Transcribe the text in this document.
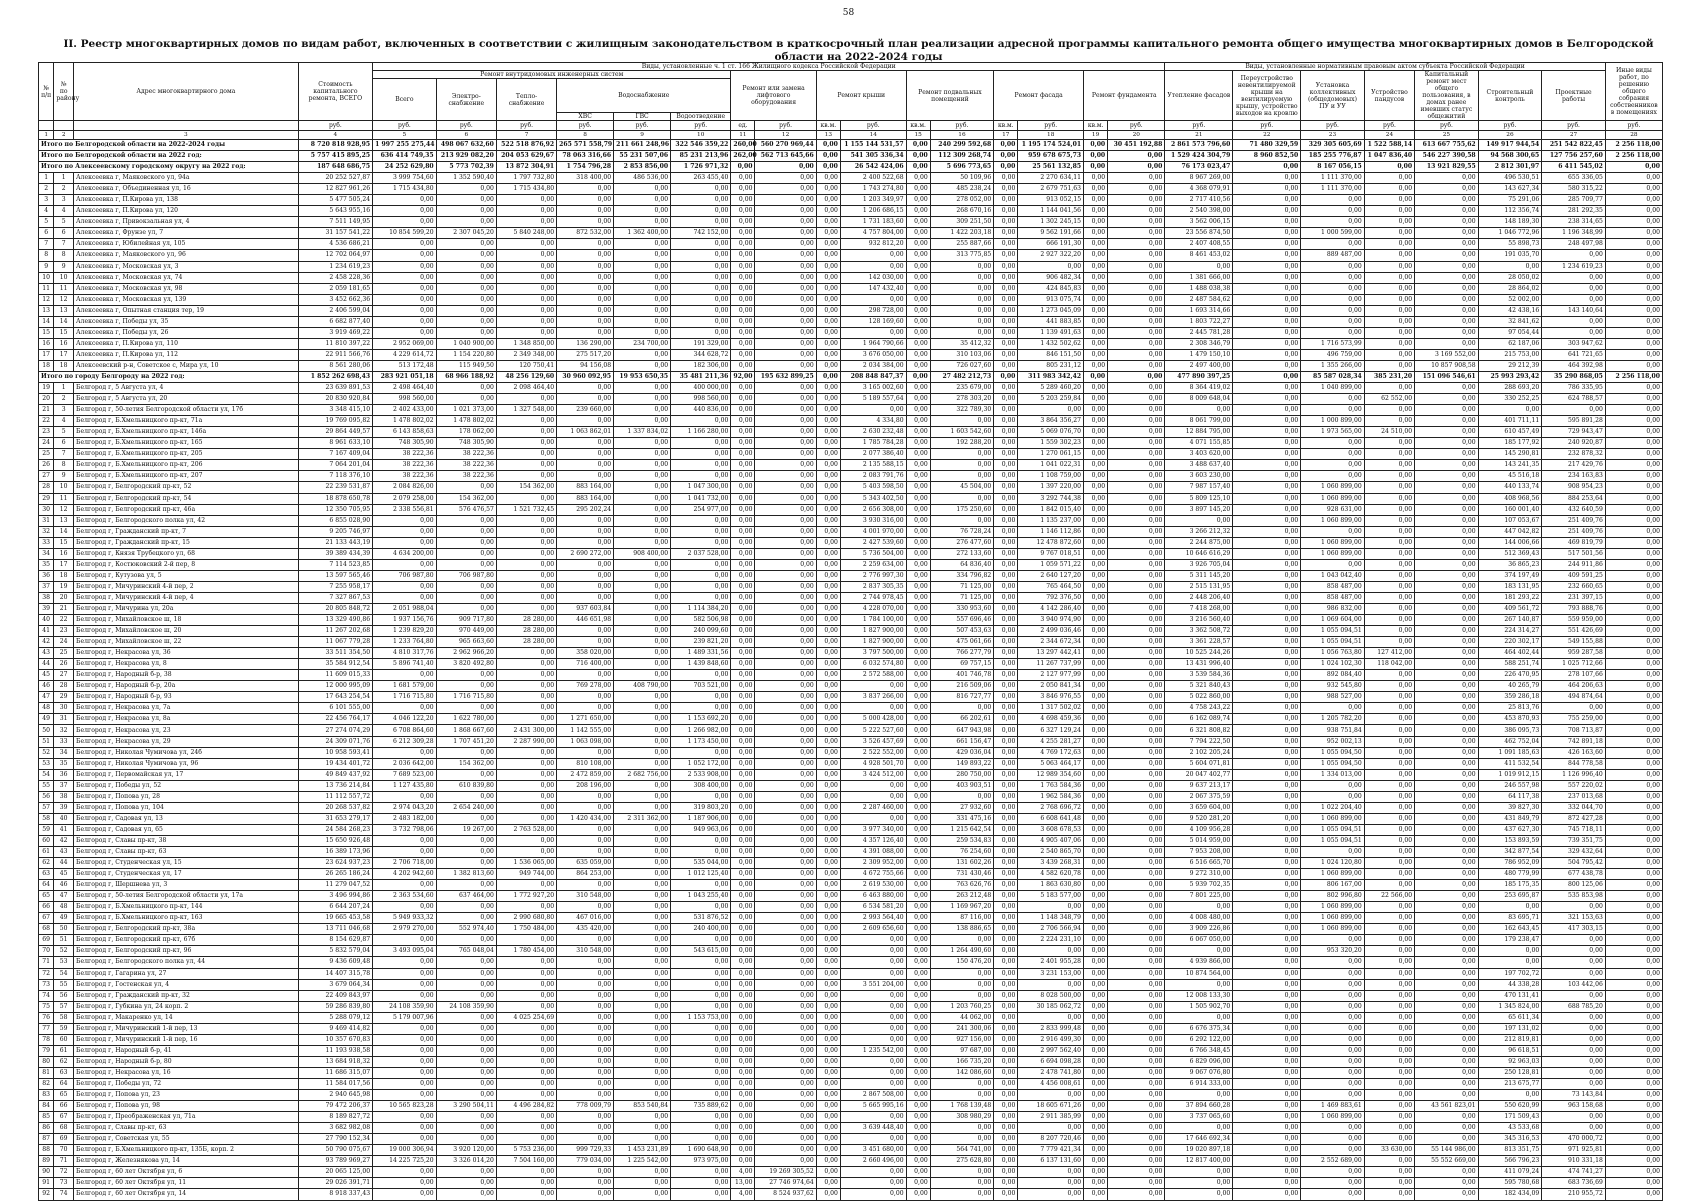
58
II. Реестр многоквартирных домов по видам работ, включенных в соответствии с жилищным законодательством в краткосрочный план реализации адресной программы капитального ремонта общего имущества многоквартирных домов в Белгородской области на 2022-2024 годы
№ п/п	№ по району	Адрес многоквартирного дома	Стоимость капитального ремонта, ВСЕГО	Виды, установленные ч. 1 ст. 166 Жилищного кодекса Российской Федерации																Виды, установленные нормативным правовым актом субъекта Российской Федерации							Иные виды работ, по решению общего собрания собственников в помещениях
				Ремонт внутридомовых инженерных систем						Ремонт или замена лифтового оборудования		Ремонт крыши		Ремонт подвальных помещений		Ремонт фасада		Ремонт фундамента		Утепление фасадов	Переустройство невентилируемой крыши на вентилируемую крышу, устройство выходов на кровлю	Установка коллективных (общедомовых) ПУ и УУ	Устройство пандусов	Капитальный ремонт мест общего пользования, в домах ранее имевших статус общежитий	Строительный контроль	Проектные работы	
				Всего	Электро-снабжение	Тепло-снабжение	Водоснабжение																				
							ХВС	ГВС	Водоотведение																		
			руб.	руб.	руб.	руб.	руб.	руб.	руб.	ед.	руб.	кв.м.	руб.	кв.м.	руб.	кв.м.	руб.	кв.м.	руб.	руб.	руб.	руб.	руб.	руб.	руб.	руб.	руб.
1	2	3	4	5	6	7	8	9	10	11	12	13	14	15	16	17	18	19	20	21	22	23	24	25	26	27	28
Итого по Белгородской области на 2022-2024 годы			8 720 818 928,95	1 997 255 275,44	498 067 632,60	522 518 876,92	265 571 558,79	211 661 248,96	322 546 359,22	260,00	560 270 969,44	0,00	1 155 144 531,57	0,00	240 299 592,68	0,00	1 195 174 524,01	0,00	30 451 192,88	2 861 573 796,60	71 480 329,59	329 305 605,69	1 522 588,14	613 667 755,62	149 917 944,54	251 542 822,45	2 256 118,00
Итого по Белгородской области на 2022 год:			5 757 415 895,25	636 414 749,35	213 929 082,20	204 053 629,67	78 063 316,66	55 231 507,06	85 231 213,96	262,00	562 713 645,66	0,00	541 305 336,34	0,00	112 309 268,74	0,00	959 678 675,73	0,00	0,00	1 529 424 304,79	8 960 852,50	185 255 776,87	1 047 836,40	546 227 390,58	94 568 300,65	127 756 257,60	2 256 118,00
Итого по Алексеевскому городскому округу на 2022 год:			187 648 686,75	24 252 629,80	5 773 702,39	13 872 304,91	1 754 796,28	2 853 856,00	1 726 971,32	0,00	0,00	0,00	26 542 424,06	0,00	5 696 773,65	0,00	25 561 132,85	0,00	0,00	76 173 023,47	0,00	8 167 056,15	0,00	13 921 829,55	2 812 301,97	6 411 545,02	0,00
1	1	Алексеевка г, Маяковского ул, 94а	20 252 527,87	3 999 754,60	1 352 590,40	1 797 732,80	318 400,00	486 536,00	263 455,40	0,00	0,00	0,00	2 400 522,68	0,00	50 109,96	0,00	2 270 634,11	0,00	0,00	8 967 269,00	0,00	1 111 370,00	0,00	0,00	496 530,51	655 336,05	0,00
2	2	Алексеевка г, Объединенная ул, 16	12 827 961,26	1 715 434,80	0,00	1 715 434,80	0,00	0,00	0,00	0,00	0,00	0,00	1 743 274,80	0,00	485 238,24	0,00	2 679 751,63	0,00	0,00	4 368 079,91	0,00	1 111 370,00	0,00	0,00	143 627,34	580 315,22	0,00
3	3	Алексеевка г, П.Кирова ул, 138	5 477 505,24	0,00	0,00	0,00	0,00	0,00	0,00	0,00	0,00	0,00	1 203 349,97	0,00	278 052,00	0,00	913 052,15	0,00	0,00	2 717 410,56	0,00	0,00	0,00	0,00	75 291,06	285 709,77	0,00
4	4	Алексеевка г, П.Кирова ул, 120	5 643 955,16	0,00	0,00	0,00	0,00	0,00	0,00	0,00	0,00	0,00	1 206 686,15	0,00	268 670,16	0,00	1 144 041,56	0,00	0,00	2 540 398,00	0,00	0,00	0,00	0,00	112 356,74	281 292,35	0,00
5	5	Алексеевка г, Привокзальная ул, 4	7 511 149,95	0,00	0,00	0,00	0,00	0,00	0,00	0,00	0,00	0,00	1 731 183,60	0,00	309 251,50	0,00	1 302 245,15	0,00	0,00	3 562 006,15	0,00	0,00	0,00	0,00	148 189,30	238 314,65	0,00
6	6	Алексеевка г, Фрунзе ул, 7	31 157 541,22	10 854 599,20	2 307 045,20	5 840 248,00	872 532,00	1 362 400,00	742 152,00	0,00	0,00	0,00	4 757 804,00	0,00	1 422 203,18	0,00	9 562 191,66	0,00	0,00	23 556 874,50	0,00	1 000 599,00	0,00	0,00	1 046 772,96	1 196 348,99	0,00
7	7	Алексеевка г, Юбилейная ул, 105	4 536 686,21	0,00	0,00	0,00	0,00	0,00	0,00	0,00	0,00	0,00	932 812,20	0,00	255 887,66	0,00	666 191,30	0,00	0,00	2 407 408,55	0,00	0,00	0,00	0,00	55 898,73	248 497,98	0,00
8	8	Алексеевка г, Маяковского ул, 96	12 702 064,97	0,00	0,00	0,00	0,00	0,00	0,00	0,00	0,00	0,00	0,00	0,00	313 775,85	0,00	2 927 322,20	0,00	0,00	8 461 453,02	0,00	889 487,00	0,00	0,00	191 035,70	0,00	0,00
9	9	Алексеевка г, Московская ул, 3	1 234 619,23	0,00	0,00	0,00	0,00	0,00	0,00	0,00	0,00	0,00	0,00	0,00	0,00	0,00	0,00	0,00	0,00	0,00	0,00	0,00	0,00	0,00	0,00	1 234 619,23	0,00
10	10	Алексеевка г, Московская ул, 74	2 458 228,36	0,00	0,00	0,00	0,00	0,00	0,00	0,00	0,00	0,00	142 030,00	0,00	0,00	0,00	906 482,34	0,00	0,00	1 381 666,00	0,00	0,00	0,00	0,00	28 050,02	0,00	0,00
11	11	Алексеевка г, Московская ул, 98	2 059 181,65	0,00	0,00	0,00	0,00	0,00	0,00	0,00	0,00	0,00	147 432,40	0,00	0,00	0,00	424 845,83	0,00	0,00	1 488 038,38	0,00	0,00	0,00	0,00	28 864,02	0,00	0,00
12	12	Алексеевка г, Московская ул, 139	3 452 662,36	0,00	0,00	0,00	0,00	0,00	0,00	0,00	0,00	0,00	0,00	0,00	0,00	0,00	913 075,74	0,00	0,00	2 487 584,62	0,00	0,00	0,00	0,00	52 002,00	0,00	0,00
13	13	Алексеевка г, Опытная станция тер, 19	2 406 599,04	0,00	0,00	0,00	0,00	0,00	0,00	0,00	0,00	0,00	298 728,00	0,00	0,00	0,00	1 273 045,09	0,00	0,00	1 693 314,66	0,00	0,00	0,00	0,00	42 438,16	143 140,64	0,00
14	14	Алексеевка г, Победы ул, 35	6 682 877,40	0,00	0,00	0,00	0,00	0,00	0,00	0,00	0,00	0,00	128 169,60	0,00	0,00	0,00	441 883,85	0,00	0,00	1 803 722,27	0,00	0,00	0,00	0,00	32 841,62	0,00	0,00
15	15	Алексеевка г, Победы ул, 26	3 919 469,22	0,00	0,00	0,00	0,00	0,00	0,00	0,00	0,00	0,00	0,00	0,00	0,00	0,00	1 139 491,63	0,00	0,00	2 445 781,28	0,00	0,00	0,00	0,00	97 054,44	0,00	0,00
16	16	Алексеевка г, П.Кирова ул, 110	11 810 397,22	2 952 069,00	1 040 900,00	1 348 850,00	136 290,00	234 700,00	191 329,00	0,00	0,00	0,00	1 964 790,66	0,00	35 412,32	0,00	1 432 502,62	0,00	0,00	2 308 346,79	0,00	1 716 573,99	0,00	0,00	62 187,06	303 947,62	0,00
17	17	Алексеевка г, П.Кирова ул, 112	22 911 566,76	4 229 614,72	1 154 220,80	2 349 348,00	275 517,20	0,00	344 628,72	0,00	0,00	0,00	3 676 050,00	0,00	310 103,06	0,00	846 151,50	0,00	0,00	1 479 150,10	0,00	496 759,00	0,00	3 169 552,00	215 753,00	641 721,65	0,00
18	18	Алексеевский р-н, Советское с, Мира ул, 10	8 561 280,06	513 172,48	115 949,50	120 750,41	94 156,08	0,00	182 306,00	0,00	0,00	0,00	2 034 384,00	0,00	726 027,60	0,00	805 231,12	0,00	0,00	2 497 400,00	0,00	1 355 266,00	0,00	10 857 908,58	29 212,39	464 392,98	0,00
Итого по городу Белгороду на 2022 год:			1 852 262 698,43	283 921 051,18	68 966 188,92	48 256 129,60	30 960 092,95	19 953 650,35	35 481 211,36	92,00	195 632 899,25	0,00	208 848 847,37	0,00	27 482 212,73	0,00	311 983 342,42	0,00	0,00	477 890 397,25	0,00	85 587 028,34	385 231,20	151 096 546,61	25 993 293,42	35 290 868,05	2 256 118,00
19	1	Белгород г, 5 Августа ул, 4	23 639 891,53	2 498 464,40	0,00	2 098 464,40	0,00	0,00	400 000,00	0,00	0,00	0,00	3 165 002,60	0,00	235 679,00	0,00	5 289 460,20	0,00	0,00	8 364 419,02	0,00	1 040 899,00	0,00	0,00	288 693,20	786 335,95	0,00
20	2	Белгород г, 5 Августа ул, 20	20 830 920,84	998 560,00	0,00	0,00	0,00	0,00	998 560,00	0,00	0,00	0,00	5 189 557,64	0,00	278 303,20	0,00	5 203 259,84	0,00	0,00	8 009 648,04	0,00	0,00	62 552,00	0,00	330 252,25	624 788,57	0,00
21	3	Белгород г, 50-летия Белгородской области ул, 17б	3 348 415,10	2 402 433,00	1 021 373,00	1 327 548,00	239 660,00	0,00	440 836,00	0,00	0,00	0,00	0,00	0,00	322 789,30	0,00	0,00	0,00	0,00	0,00	0,00	0,00	0,00	0,00	0,00	0,00	0,00
22	4	Белгород г, Б.Хмельницкого пр-кт, 71а	19 769 095,82	1 478 802,02	1 478 802,02	0,00	0,00	0,00	0,00	0,00	0,00	0,00	4 334,80	0,00	0,00	0,00	3 864 356,27	0,00	0,00	8 061 799,00	0,00	1 000 899,00	0,00	0,00	401 711,11	595 891,28	0,00
23	5	Белгород г, Б.Хмельницкого пр-кт, 146а	29 864 449,57	6 143 858,63	178 062,00	0,00	1 063 862,01	1 337 834,02	1 166 280,00	0,00	0,00	0,00	2 630 232,48	0,00	1 603 542,60	0,00	5 069 076,70	0,00	0,00	12 884 795,00	0,00	1 973 565,00	24 510,00	0,00	610 457,49	729 943,47	0,00
24	6	Белгород г, Б.Хмельницкого пр-кт, 165	8 961 633,10	748 305,90	748 305,90	0,00	0,00	0,00	0,00	0,00	0,00	0,00	1 785 784,28	0,00	192 288,20	0,00	1 559 302,23	0,00	0,00	4 071 155,85	0,00	0,00	0,00	0,00	185 177,92	240 920,87	0,00
25	7	Белгород г, Б.Хмельницкого пр-кт, 205	7 167 409,04	38 222,36	38 222,36	0,00	0,00	0,00	0,00	0,00	0,00	0,00	2 077 386,40	0,00	0,00	0,00	1 270 061,15	0,00	0,00	3 403 620,00	0,00	0,00	0,00	0,00	145 290,81	232 878,32	0,00
26	8	Белгород г, Б.Хмельницкого пр-кт, 206	7 064 201,04	38 222,36	38 222,36	0,00	0,00	0,00	0,00	0,00	0,00	0,00	2 135 588,15	0,00	0,00	0,00	1 041 022,31	0,00	0,00	3 488 637,40	0,00	0,00	0,00	0,00	143 241,35	217 429,76	0,00
27	9	Белгород г, Б.Хмельницкого пр-кт, 207	7 118 376,10	38 222,36	38 222,36	0,00	0,00	0,00	0,00	0,00	0,00	0,00	2 083 791,76	0,00	0,00	0,00	1 108 759,00	0,00	0,00	3 603 230,00	0,00	0,00	0,00	0,00	45 516,18	234 163,83	0,00
28	10	Белгород г, Белгородский пр-кт, 52	22 239 531,87	2 084 826,00	0,00	154 362,00	883 164,00	0,00	1 047 300,00	0,00	0,00	0,00	5 403 598,50	0,00	45 504,00	0,00	1 397 220,00	0,00	0,00	7 987 157,40	0,00	1 060 899,00	0,00	0,00	440 133,74	908 954,23	0,00
29	11	Белгород г, Белгородский пр-кт, 54	18 878 650,78	2 079 258,00	154 362,00	0,00	883 164,00	0,00	1 041 732,00	0,00	0,00	0,00	5 343 402,50	0,00	0,00	0,00	3 292 744,38	0,00	0,00	5 809 125,10	0,00	1 060 899,00	0,00	0,00	408 968,56	884 253,64	0,00
30	12	Белгород г, Белгородский пр-кт, 46а	12 350 705,95	2 338 556,81	576 476,57	1 521 732,45	295 202,24	0,00	254 977,00	0,00	0,00	0,00	2 656 308,00	0,00	175 250,60	0,00	1 842 015,40	0,00	0,00	3 897 145,20	0,00	928 631,00	0,00	0,00	160 001,40	432 640,59	0,00
31	13	Белгород г, Белгородского полка ул, 42	6 855 028,90	0,00	0,00	0,00	0,00	0,00	0,00	0,00	0,00	0,00	3 930 316,00	0,00	0,00	0,00	1 135 237,00	0,00	0,00	0,00	0,00	1 060 899,00	0,00	0,00	107 053,67	251 409,76	0,00
32	14	Белгород г, Гражданский пр-кт, 7	9 205 746,97	0,00	0,00	0,00	0,00	0,00	0,00	0,00	0,00	0,00	4 001 970,00	0,00	76 728,24	0,00	1 146 112,86	0,00	0,00	3 266 212,32	0,00	0,00	0,00	0,00	447 042,82	251 409,76	0,00
33	15	Белгород г, Гражданский пр-кт, 15	21 133 443,19	0,00	0,00	0,00	0,00	0,00	0,00	0,00	0,00	0,00	2 427 539,60	0,00	276 477,60	0,00	12 478 872,60	0,00	0,00	2 244 875,00	0,00	1 060 899,00	0,00	0,00	144 006,66	469 819,79	0,00
34	16	Белгород г, Князя Трубецкого ул, 68	39 389 434,39	4 634 200,00	0,00	0,00	2 690 272,00	908 400,00	2 037 528,00	0,00	0,00	0,00	5 736 504,00	0,00	272 133,60	0,00	9 767 018,51	0,00	0,00	10 646 616,29	0,00	1 060 899,00	0,00	0,00	512 369,43	517 501,56	0,00
35	17	Белгород г, Костюковский 2-й пер, 8	7 114 523,85	0,00	0,00	0,00	0,00	0,00	0,00	0,00	0,00	0,00	2 259 634,00	0,00	64 836,40	0,00	1 059 571,22	0,00	0,00	3 926 705,04	0,00	0,00	0,00	0,00	36 865,23	244 911,86	0,00
36	18	Белгород г, Кутузова ул, 5	13 597 565,46	706 987,80	706 987,80	0,00	0,00	0,00	0,00	0,00	0,00	0,00	2 776 997,30	0,00	334 796,82	0,00	2 640 127,20	0,00	0,00	5 311 145,20	0,00	1 043 042,40	0,00	0,00	374 197,49	409 591,25	0,00
37	19	Белгород г, Мичуринский 4-й пер, 2	7 255 958,17	0,00	0,00	0,00	0,00	0,00	0,00	0,00	0,00	0,00	2 837 305,35	0,00	71 125,00	0,00	765 464,50	0,00	0,00	2 515 131,95	0,00	858 487,00	0,00	0,00	183 131,95	232 660,65	0,00
38	20	Белгород г, Мичуринский 4-й пер, 4	7 327 867,53	0,00	0,00	0,00	0,00	0,00	0,00	0,00	0,00	0,00	2 744 978,45	0,00	71 125,00	0,00	792 376,50	0,00	0,00	2 448 206,40	0,00	858 487,00	0,00	0,00	181 293,22	231 397,15	0,00
39	21	Белгород г, Мичурина ул, 20а	20 805 848,72	2 051 988,04	0,00	0,00	937 603,84	0,00	1 114 384,20	0,00	0,00	0,00	4 228 070,00	0,00	330 953,60	0,00	4 142 286,40	0,00	0,00	7 418 268,00	0,00	986 832,00	0,00	0,00	409 561,72	793 888,76	0,00
40	22	Белгород г, Михайловское ш, 18	13 329 490,86	1 937 156,76	909 717,80	28 280,00	446 651,98	0,00	582 506,98	0,00	0,00	0,00	1 784 100,00	0,00	557 696,46	0,00	3 940 974,90	0,00	0,00	3 216 560,40	0,00	1 069 604,00	0,00	0,00	267 140,87	559 959,00	0,00
41	23	Белгород г, Михайловское ш, 20	11 267 202,68	1 239 829,20	970 449,00	28 280,00	0,00	0,00	240 099,60	0,00	0,00	0,00	1 827 900,00	0,00	507 453,63	0,00	2 499 036,46	0,00	0,00	3 362 508,72	0,00	1 055 094,51	0,00	0,00	224 314,27	551 426,69	0,00
42	24	Белгород г, Михайловское ш, 22	11 067 779,28	1 233 764,80	965 663,60	28 280,00	0,00	0,00	239 821,20	0,00	0,00	0,00	1 827 900,00	0,00	475 061,66	0,00	2 344 672,34	0,00	0,00	3 361 228,57	0,00	1 055 094,51	0,00	0,00	220 302,17	549 155,88	0,00
43	25	Белгород г, Некрасова ул, 36	33 511 354,50	4 810 317,76	2 962 966,20	0,00	358 020,00	0,00	1 489 331,56	0,00	0,00	0,00	3 797 500,00	0,00	766 277,79	0,00	13 297 442,41	0,00	0,00	10 525 244,26	0,00	1 056 763,80	127 412,00	0,00	464 402,44	959 287,58	0,00
44	26	Белгород г, Некрасова ул, 8	35 584 912,54	5 896 741,40	3 820 492,80	0,00	716 400,00	0,00	1 439 848,60	0,00	0,00	0,00	6 032 574,80	0,00	69 757,15	0,00	11 267 737,99	0,00	0,00	13 431 996,40	0,00	1 024 102,30	118 042,00	0,00	588 251,74	1 025 712,66	0,00
45	27	Белгород г, Народный б-р, 38	11 609 015,33	0,00	0,00	0,00	0,00	0,00	0,00	0,00	0,00	0,00	2 572 588,00	0,00	401 746,78	0,00	2 127 977,99	0,00	0,00	3 539 584,36	0,00	892 084,40	0,00	0,00	226 470,95	278 107,66	0,00
46	28	Белгород г, Народный б-р, 20а	12 000 995,09	1 681 579,00	0,00	0,00	769 278,00	408 790,00	703 521,00	0,00	0,00	0,00	0,00	0,00	216 509,06	0,00	2 050 841,34	0,00	0,00	5 321 840,43	0,00	932 545,80	0,00	0,00	40 265,79	464 206,63	0,00
47	29	Белгород г, Народный б-р, 93	17 643 254,54	1 716 715,80	1 716 715,80	0,00	0,00	0,00	0,00	0,00	0,00	0,00	3 837 266,00	0,00	816 727,77	0,00	3 846 976,55	0,00	0,00	5 022 860,00	0,00	988 527,00	0,00	0,00	359 286,18	494 874,64	0,00
48	30	Белгород г, Некрасова ул, 7а	6 101 555,00	0,00	0,00	0,00	0,00	0,00	0,00	0,00	0,00	0,00	0,00	0,00	0,00	0,00	1 317 502,02	0,00	0,00	4 758 243,22	0,00	0,00	0,00	0,00	25 813,76	0,00	0,00
49	31	Белгород г, Некрасова ул, 8а	22 456 764,17	4 046 122,20	1 622 780,00	0,00	1 271 650,00	0,00	1 153 692,20	0,00	0,00	0,00	5 000 428,00	0,00	66 202,61	0,00	4 698 459,36	0,00	0,00	6 162 089,74	0,00	1 205 782,20	0,00	0,00	453 870,93	755 259,00	0,00
50	32	Белгород г, Некрасова ул, 23	27 274 074,29	6 708 864,60	1 868 667,60	2 431 300,00	1 142 555,00	0,00	1 266 982,00	0,00	0,00	0,00	5 222 527,60	0,00	647 943,98	0,00	6 327 129,24	0,00	0,00	6 321 808,82	0,00	938 751,84	0,00	0,00	386 095,73	708 713,87	0,00
51	33	Белгород г, Некрасова ул, 29	24 309 071,76	6 212 309,28	1 707 451,20	2 287 990,00	1 063 098,00	0,00	1 173 450,00	0,00	0,00	0,00	3 526 457,69	0,00	661 156,47	0,00	4 255 281,27	0,00	0,00	7 794 222,50	0,00	952 002,13	0,00	0,00	462 752,04	742 891,18	0,00
52	34	Белгород г, Николая Чумичова ул, 24б	10 958 593,41	0,00	0,00	0,00	0,00	0,00	0,00	0,00	0,00	0,00	2 522 552,00	0,00	429 036,04	0,00	4 769 172,63	0,00	0,00	2 102 205,24	0,00	1 055 094,50	0,00	0,00	1 091 185,63	426 163,60	0,00
53	35	Белгород г, Николая Чумичова ул, 96	19 434 401,72	2 036 642,00	154 362,00	0,00	810 108,00	0,00	1 052 172,00	0,00	0,00	0,00	4 928 501,70	0,00	149 893,22	0,00	5 063 464,17	0,00	0,00	5 604 071,81	0,00	1 055 094,50	0,00	0,00	411 532,54	844 778,58	0,00
54	36	Белгород г, Первомайская ул, 17	49 849 437,92	7 689 523,00	0,00	0,00	2 472 859,00	2 682 756,00	2 533 908,00	0,00	0,00	0,00	3 424 512,00	0,00	280 750,00	0,00	12 989 354,60	0,00	0,00	20 047 402,77	0,00	1 334 013,00	0,00	0,00	1 019 912,15	1 126 996,40	0,00
55	37	Белгород г, Победы ул, 52	13 736 214,84	1 127 435,80	610 839,80	0,00	208 196,00	0,00	308 400,00	0,00	0,00	0,00	0,00	0,00	403 903,51	0,00	1 763 584,36	0,00	0,00	9 637 213,17	0,00	0,00	0,00	0,00	246 557,98	557 220,02	0,00
56	38	Белгород г, Попова ул, 28	11 112 557,72	0,00	0,00	0,00	0,00	0,00	0,00	0,00	0,00	0,00	0,00	0,00	0,00	0,00	1 962 584,36	0,00	0,00	2 067 375,59	0,00	0,00	0,00	0,00	64 117,38	237 013,68	0,00
57	39	Белгород г, Попова ул, 104	20 268 537,82	2 974 043,20	2 654 240,00	0,00	0,00	0,00	319 803,20	0,00	0,00	0,00	2 287 460,00	0,00	27 932,60	0,00	2 768 696,72	0,00	0,00	3 659 604,00	0,00	1 022 204,40	0,00	0,00	39 827,30	332 044,70	0,00
58	40	Белгород г, Садовая ул, 13	31 653 279,17	2 483 182,00	0,00	0,00	1 420 434,00	2 311 362,00	1 187 906,00	0,00	0,00	0,00	0,00	0,00	331 475,16	0,00	6 608 641,48	0,00	0,00	9 520 281,20	0,00	1 060 899,00	0,00	0,00	431 849,79	872 427,28	0,00
59	41	Белгород г, Садовая ул, 65	24 584 268,23	3 732 798,06	19 267,00	2 763 528,00	0,00	0,00	949 963,06	0,00	0,00	0,00	3 977 340,00	0,00	1 215 642,54	0,00	3 608 678,53	0,00	0,00	4 109 956,28	0,00	1 055 094,51	0,00	0,00	437 627,30	745 718,11	0,00
60	42	Белгород г, Славы пр-кт, 38	15 650 926,48	0,00	0,00	0,00	0,00	0,00	0,00	0,00	0,00	0,00	4 357 126,40	0,00	259 534,83	0,00	4 905 407,06	0,00	0,00	5 014 959,00	0,00	1 055 094,51	0,00	0,00	153 893,59	739 351,75	0,00
61	43	Белгород г, Славы пр-кт, 63	16 389 173,96	0,00	0,00	0,00	0,00	0,00	0,00	0,00	0,00	0,00	4 391 088,00	0,00	76 254,60	0,00	2 540 865,70	0,00	0,00	7 953 208,00	0,00	0,00	0,00	0,00	342 877,54	329 432,64	0,00
62	44	Белгород г, Студенческая ул, 15	23 624 937,23	2 706 718,00	0,00	1 536 065,00	635 059,00	0,00	535 044,00	0,00	0,00	0,00	2 309 952,00	0,00	131 602,26	0,00	3 439 268,31	0,00	0,00	6 516 665,70	0,00	1 024 120,80	0,00	0,00	786 952,09	504 795,42	0,00
63	45	Белгород г, Студенческая ул, 17	26 265 186,24	4 202 942,60	1 382 813,60	949 744,00	864 253,00	0,00	1 012 125,40	0,00	0,00	0,00	4 672 755,66	0,00	731 430,46	0,00	4 582 620,78	0,00	0,00	9 272 310,00	0,00	1 060 899,00	0,00	0,00	480 779,99	677 438,78	0,00
64	46	Белгород г, Шершнева ул, 3	11 279 047,52	0,00	0,00	0,00	0,00	0,00	0,00	0,00	0,00	0,00	2 619 530,00	0,00	763 626,76	0,00	1 863 630,80	0,00	0,00	5 939 702,35	0,00	806 167,00	0,00	0,00	185 175,35	800 125,06	0,00
65	47	Белгород г, 50-летия Белгородской области ул, 17а	3 496 994,86	2 363 534,60	637 464,00	1 772 927,20	310 548,00	0,00	1 043 255,40	0,00	0,00	0,00	6 463 880,00	0,00	263 212,48	0,00	5 183 577,00	0,00	0,00	7 801 225,00	0,00	802 996,80	22 566,00	0,00	253 695,87	535 853,98	0,00
66	48	Белгород г, Б.Хмельницкого пр-кт, 144	6 644 207,24	0,00	0,00	0,00	0,00	0,00	0,00	0,00	0,00	0,00	6 534 581,20	0,00	1 169 967,20	0,00	0,00	0,00	0,00	0,00	0,00	1 060 899,00	0,00	0,00	0,00	0,00	0,00
67	49	Белгород г, Б.Хмельницкого пр-кт, 163	19 665 453,58	5 949 933,32	0,00	2 990 680,80	467 016,00	0,00	531 876,52	0,00	0,00	0,00	2 993 564,40	0,00	87 116,00	0,00	1 148 348,79	0,00	0,00	4 008 480,00	0,00	1 060 899,00	0,00	0,00	83 695,71	321 153,63	0,00
68	50	Белгород г, Белгородский пр-кт, 38а	13 711 046,68	2 979 270,00	552 974,40	1 750 484,00	435 420,00	0,00	240 400,00	0,00	0,00	0,00	2 609 656,60	0,00	138 886,65	0,00	2 706 566,94	0,00	0,00	3 909 226,86	0,00	1 060 899,00	0,00	0,00	162 643,45	417 303,15	0,00
69	51	Белгород г, Белгородский пр-кт, 67б	8 154 629,87	0,00	0,00	0,00	0,00	0,00	0,00	0,00	0,00	0,00	0,00	0,00	0,00	0,00	2 224 231,10	0,00	0,00	6 067 050,00	0,00	0,00	0,00	0,00	179 238,47	0,00	0,00
70	52	Белгород г, Белгородский пр-кт, 96	5 832 579,04	3 493 095,04	765 048,04	1 780 454,00	310 548,00	0,00	543 615,00	0,00	0,00	0,00	0,00	0,00	1 264 490,60	0,00	0,00	0,00	0,00	0,00	0,00	953 320,20	0,00	0,00	0,00	0,00	0,00
71	53	Белгород г, Белгородского полка ул, 44	9 436 609,48	0,00	0,00	0,00	0,00	0,00	0,00	0,00	0,00	0,00	0,00	0,00	150 476,20	0,00	2 401 955,28	0,00	0,00	4 939 866,00	0,00	0,00	0,00	0,00	0,00	0,00	0,00
72	54	Белгород г, Гагарина ул, 27	14 407 315,78	0,00	0,00	0,00	0,00	0,00	0,00	0,00	0,00	0,00	0,00	0,00	0,00	0,00	3 231 153,00	0,00	0,00	10 874 564,00	0,00	0,00	0,00	0,00	197 702,72	0,00	0,00
73	55	Белгород г, Гостенская ул, 4	3 679 064,34	0,00	0,00	0,00	0,00	0,00	0,00	0,00	0,00	0,00	3 551 204,00	0,00	0,00	0,00	0,00	0,00	0,00	0,00	0,00	0,00	0,00	0,00	44 338,28	103 442,06	0,00
74	56	Белгород г, Гражданский пр-кт, 32	22 409 843,97	0,00	0,00	0,00	0,00	0,00	0,00	0,00	0,00	0,00	0,00	0,00	0,00	0,00	8 028 500,00	0,00	0,00	12 008 133,30	0,00	0,00	0,00	0,00	470 131,41	0,00	0,00
75	57	Белгород г, Губкина ул, 24 корп. 2	59 286 839,80	24 108 359,90	24 108 359,90	0,00	0,00	0,00	0,00	0,00	0,00	0,00	0,00	0,00	1 203 760,25	0,00	30 185 062,72	0,00	0,00	1 505 902,70	0,00	0,00	0,00	0,00	1 345 824,00	688 785,20	0,00
76	58	Белгород г, Макаренко ул, 14	5 288 079,12	5 179 007,96	0,00	4 025 254,69	0,00	0,00	1 153 753,00	0,00	0,00	0,00	0,00	0,00	44 062,00	0,00	0,00	0,00	0,00	0,00	0,00	0,00	0,00	0,00	65 611,34	0,00	0,00
77	59	Белгород г, Мичуринский 1-й пер, 13	9 469 414,82	0,00	0,00	0,00	0,00	0,00	0,00	0,00	0,00	0,00	0,00	0,00	241 300,06	0,00	2 833 999,48	0,00	0,00	6 676 375,34	0,00	0,00	0,00	0,00	197 131,02	0,00	0,00
78	60	Белгород г, Мичуринский 1-й пер, 16	10 357 670,83	0,00	0,00	0,00	0,00	0,00	0,00	0,00	0,00	0,00	0,00	0,00	927 156,00	0,00	2 916 499,30	0,00	0,00	6 292 122,00	0,00	0,00	0,00	0,00	212 819,81	0,00	0,00
79	61	Белгород г, Народный б-р, 41	11 193 938,58	0,00	0,00	0,00	0,00	0,00	0,00	0,00	0,00	0,00	1 235 542,00	0,00	97 687,00	0,00	2 997 562,40	0,00	0,00	6 766 348,45	0,00	0,00	0,00	0,00	96 618,51	0,00	0,00
80	62	Белгород г, Народный б-р, 80	13 684 918,32	0,00	0,00	0,00	0,00	0,00	0,00	0,00	0,00	0,00	0,00	0,00	166 735,20	0,00	6 694 098,28	0,00	0,00	6 829 096,00	0,00	0,00	0,00	0,00	92 963,03	0,00	0,00
81	63	Белгород г, Некрасова ул, 16	11 686 315,07	0,00	0,00	0,00	0,00	0,00	0,00	0,00	0,00	0,00	0,00	0,00	142 086,60	0,00	2 478 741,80	0,00	0,00	9 067 076,80	0,00	0,00	0,00	0,00	250 128,81	0,00	0,00
82	64	Белгород г, Победы ул, 72	11 584 017,56	0,00	0,00	0,00	0,00	0,00	0,00	0,00	0,00	0,00	0,00	0,00	0,00	0,00	4 456 008,61	0,00	0,00	6 914 333,00	0,00	0,00	0,00	0,00	213 675,77	0,00	0,00
83	65	Белгород г, Попова ул, 23	2 940 645,98	0,00	0,00	0,00	0,00	0,00	0,00	0,00	0,00	0,00	2 867 508,00	0,00	0,00	0,00	0,00	0,00	0,00	0,00	0,00	0,00	0,00	0,00	0,00	73 143,84	0,00
84	66	Белгород г, Попова ул, 98	79 472 206,37	10 565 823,28	3 290 504,11	4 496 284,82	778 009,79	853 540,84	735 889,62	0,00	0,00	0,00	5 665 995,16	0,00	1 768 139,48	0,00	18 605 671,26	0,00	0,00	37 894 660,28	0,00	1 469 883,61	0,00	43 561 823,01	550 620,99	963 158,68	0,00
85	67	Белгород г, Преображенская ул, 71а	8 189 827,72	0,00	0,00	0,00	0,00	0,00	0,00	0,00	0,00	0,00	0,00	0,00	308 980,29	0,00	2 911 385,99	0,00	0,00	3 737 065,60	0,00	1 060 899,00	0,00	0,00	171 509,43	0,00	0,00
86	68	Белгород г, Славы пр-кт, 63	3 682 982,08	0,00	0,00	0,00	0,00	0,00	0,00	0,00	0,00	0,00	3 639 448,40	0,00	0,00	0,00	0,00	0,00	0,00	0,00	0,00	0,00	0,00	0,00	43 533,68	0,00	0,00
87	69	Белгород г, Советская ул, 55	27 790 152,34	0,00	0,00	0,00	0,00	0,00	0,00	0,00	0,00	0,00	0,00	0,00	0,00	0,00	8 207 720,46	0,00	0,00	17 646 692,34	0,00	0,00	0,00	0,00	345 316,53	470 000,72	0,00
88	70	Белгород г, Б.Хмельницкого пр-кт, 135Б, корп. 2	50 790 075,67	19 000 306,94	3 920 120,00	5 753 236,00	999 729,33	1 453 231,89	1 690 648,90	0,00	0,00	0,00	3 451 680,00	0,00	564 741,00	0,00	7 779 421,34	0,00	0,00	19 020 897,18	0,00	0,00	33 630,00	55 144 986,00	813 351,75	971 925,81	0,00
89	71	Белгород г, Железнякова ул, 14	93 789 969,27	14 225 725,20	3 326 014,20	7 504 160,00	779 034,00	1 225 542,00	973 975,00	0,00	0,00	0,00	2 660 496,00	0,00	275 628,80	0,00	6 137 131,60	0,00	0,00	12 817 400,00	0,00	2 552 689,00	0,00	55 552 669,00	566 796,23	910 331,18	0,00
90	72	Белгород г, 60 лет Октября ул, 6	20 065 125,00	0,00	0,00	0,00	0,00	0,00	0,00	4,00	19 269 305,52	0,00	0,00	0,00	0,00	0,00	0,00	0,00	0,00	0,00	0,00	0,00	0,00	0,00	411 079,24	474 741,27	0,00
91	73	Белгород г, 60 лет Октября ул, 11	29 026 391,71	0,00	0,00	0,00	0,00	0,00	0,00	13,00	27 746 974,64	0,00	0,00	0,00	0,00	0,00	0,00	0,00	0,00	0,00	0,00	0,00	0,00	0,00	595 780,68	683 736,69	0,00
92	74	Белгород г, 60 лет Октября ул, 14	8 918 337,43	0,00	0,00	0,00	0,00	0,00	0,00	4,00	8 524 937,62	0,00	0,00	0,00	0,00	0,00	0,00	0,00	0,00	0,00	0,00	0,00	0,00	0,00	182 434,09	210 955,72	0,00
